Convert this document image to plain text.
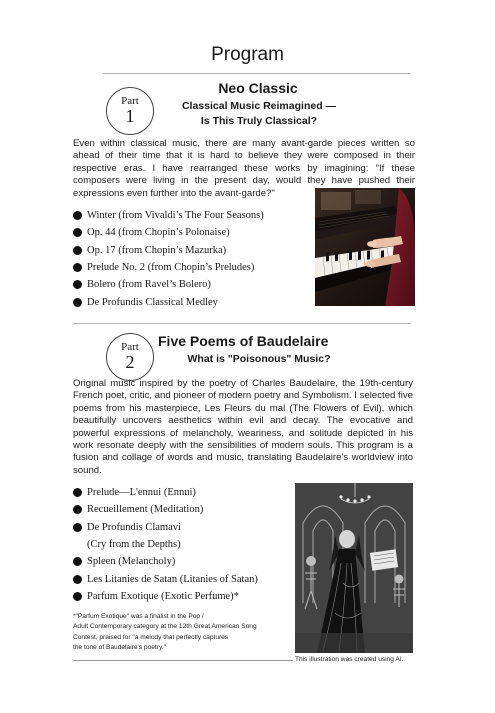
Program
Part
1
Neo Classic
Classical Music Reimagined —
Is This Truly Classical?
Even within classical music, there are many avant-garde pieces written so ahead of their time that it is hard to believe they were composed in their respective eras. I have rearranged these works by imagining: "If these composers were living in the present day, would they have pushed their expressions even further into the avant-garde?"
Winter (from Vivaldi’s The Four Seasons)
Op. 44 (from Chopin’s Polonaise)
Op. 17 (from Chopin’s Mazurka)
Prelude No. 2 (from Chopin’s Preludes)
Bolero (from Ravel’s Bolero)
De Profundis Classical Medley
Part
2
Five Poems of Baudelaire
What is "Poisonous" Music?
Original music inspired by the poetry of Charles Baudelaire, the 19th-century French poet, critic, and pioneer of modern poetry and Symbolism. I selected five poems from his masterpiece, Les Fleurs du mal (The Flowers of Evil), which beautifully uncovers aesthetics within evil and decay. The evocative and powerful expressions of melancholy, weariness, and solitude depicted in his work resonate deeply with the sensibilities of modern souls. This program is a fusion and collage of words and music, translating Baudelaire’s worldview into sound.
Prelude—L'ennui (Ennui)
Recueillement (Meditation)
De Profundis Clamavi
(Cry from the Depths)
Spleen (Melancholy)
Les Litanies de Satan (Litanies of Satan)
Parfum Exotique (Exotic Perfume)*
*"Parfum Exotique" was a finalist in the Pop /
Adult Contemporary category at the 12th Great American Song
Contest, praised for "a melody that perfectly captures
the tone of Baudelaire's poetry."
This illustration was created using AI.
